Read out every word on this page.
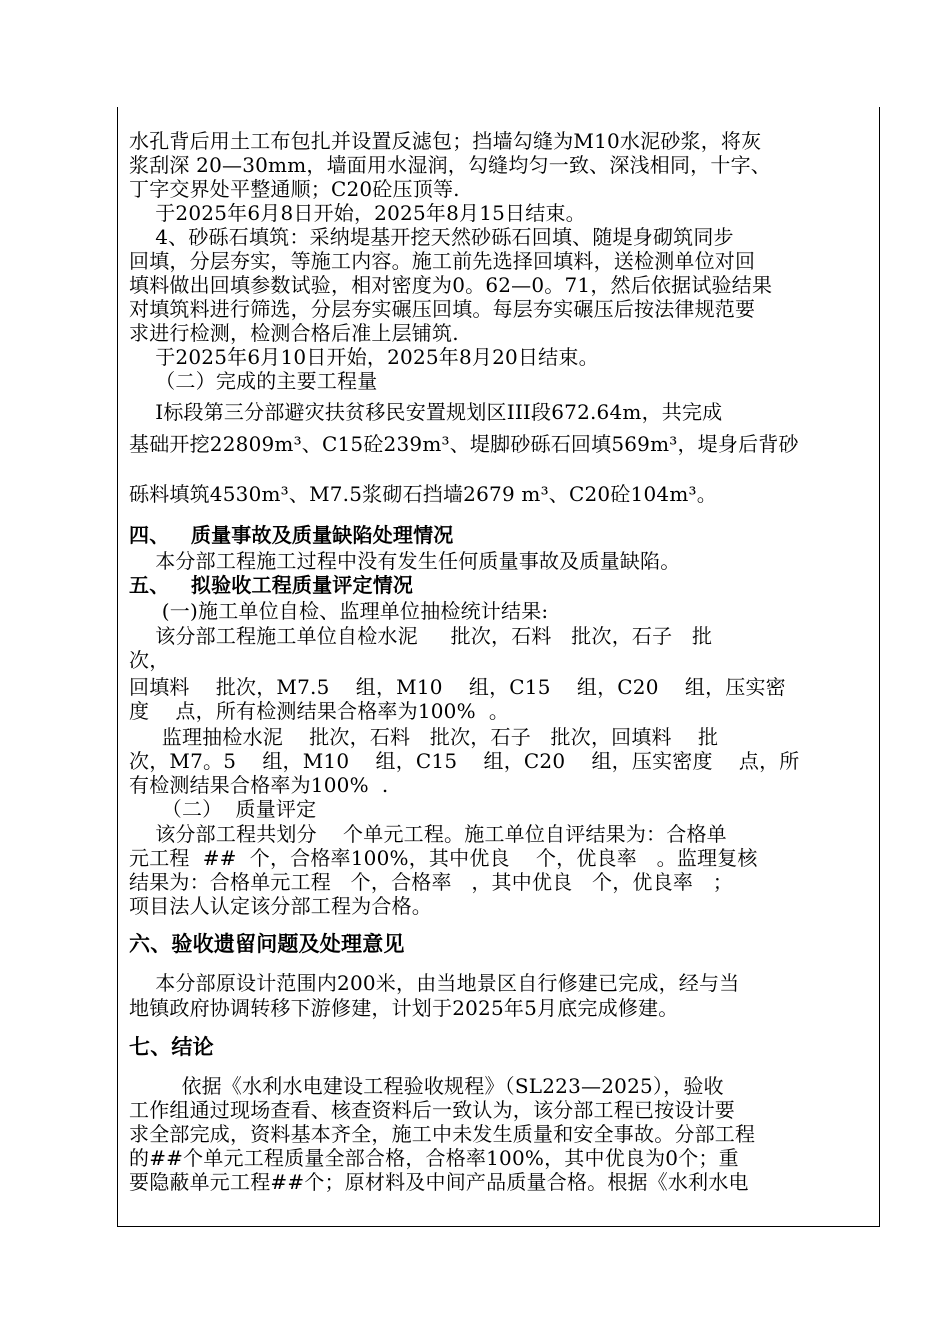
水孔背后用土工布包扎并设置反滤包；挡墙勾缝为M10水泥砂浆，将灰
浆刮深 20—30mm，墙面用水湿润，勾缝均匀一致、深浅相同，十字、
丁字交界处平整通顺；C20砼压顶等.
于2025年6月8日开始，2025年8月15日结束。
4、砂砾石填筑：采纳堤基开挖天然砂砾石回填、随堤身砌筑同步
回填，分层夯实，等施工内容。施工前先选择回填料，送检测单位对回
填料做出回填参数试验，相对密度为0。62—0。71，然后依据试验结果
对填筑料进行筛选，分层夯实碾压回填。每层夯实碾压后按法律规范要
求进行检测，检测合格后准上层铺筑.
于2025年6月10日开始，2025年8月20日结束。
（二）完成的主要工程量
I标段第三分部避灾扶贫移民安置规划区III段672.64m，共完成
基础开挖22809m³、C15砼239m³、堤脚砂砾石回填569m³，堤身后背砂
砾料填筑4530m³、M7.5浆砌石挡墙2679 m³、C20砼104m³。
四、   质量事故及质量缺陷处理情况
本分部工程施工过程中没有发生任何质量事故及质量缺陷。
五、   拟验收工程质量评定情况
(一)施工单位自检、监理单位抽检统计结果:
该分部工程施工单位自检水泥     批次，石料   批次，石子   批
次，
回填料    批次，M7.5    组，M10    组，C15    组，C20    组，压实密
度    点，所有检测结果合格率为100%  。
监理抽检水泥    批次，石料   批次，石子   批次，回填料    批
次，M7。5    组，M10    组，C15    组，C20    组，压实密度    点，所
有检测结果合格率为100%  .
（二）  质量评定
该分部工程共划分    个单元工程。施工单位自评结果为：合格单
元工程  ##  个，合格率100%，其中优良    个，优良率   。监理复核
结果为：合格单元工程   个，合格率   ，其中优良   个，优良率   ；
项目法人认定该分部工程为合格。
六、验收遗留问题及处理意见
本分部原设计范围内200米，由当地景区自行修建已完成，经与当
地镇政府协调转移下游修建，计划于2025年5月底完成修建。
七、结论
依据《水利水电建设工程验收规程》（SL223—2025），验收
工作组通过现场查看、核查资料后一致认为，该分部工程已按设计要
求全部完成，资料基本齐全，施工中未发生质量和安全事故。分部工程
的##个单元工程质量全部合格，合格率100%，其中优良为0个；重
要隐蔽单元工程##个；原材料及中间产品质量合格。根据《水利水电
